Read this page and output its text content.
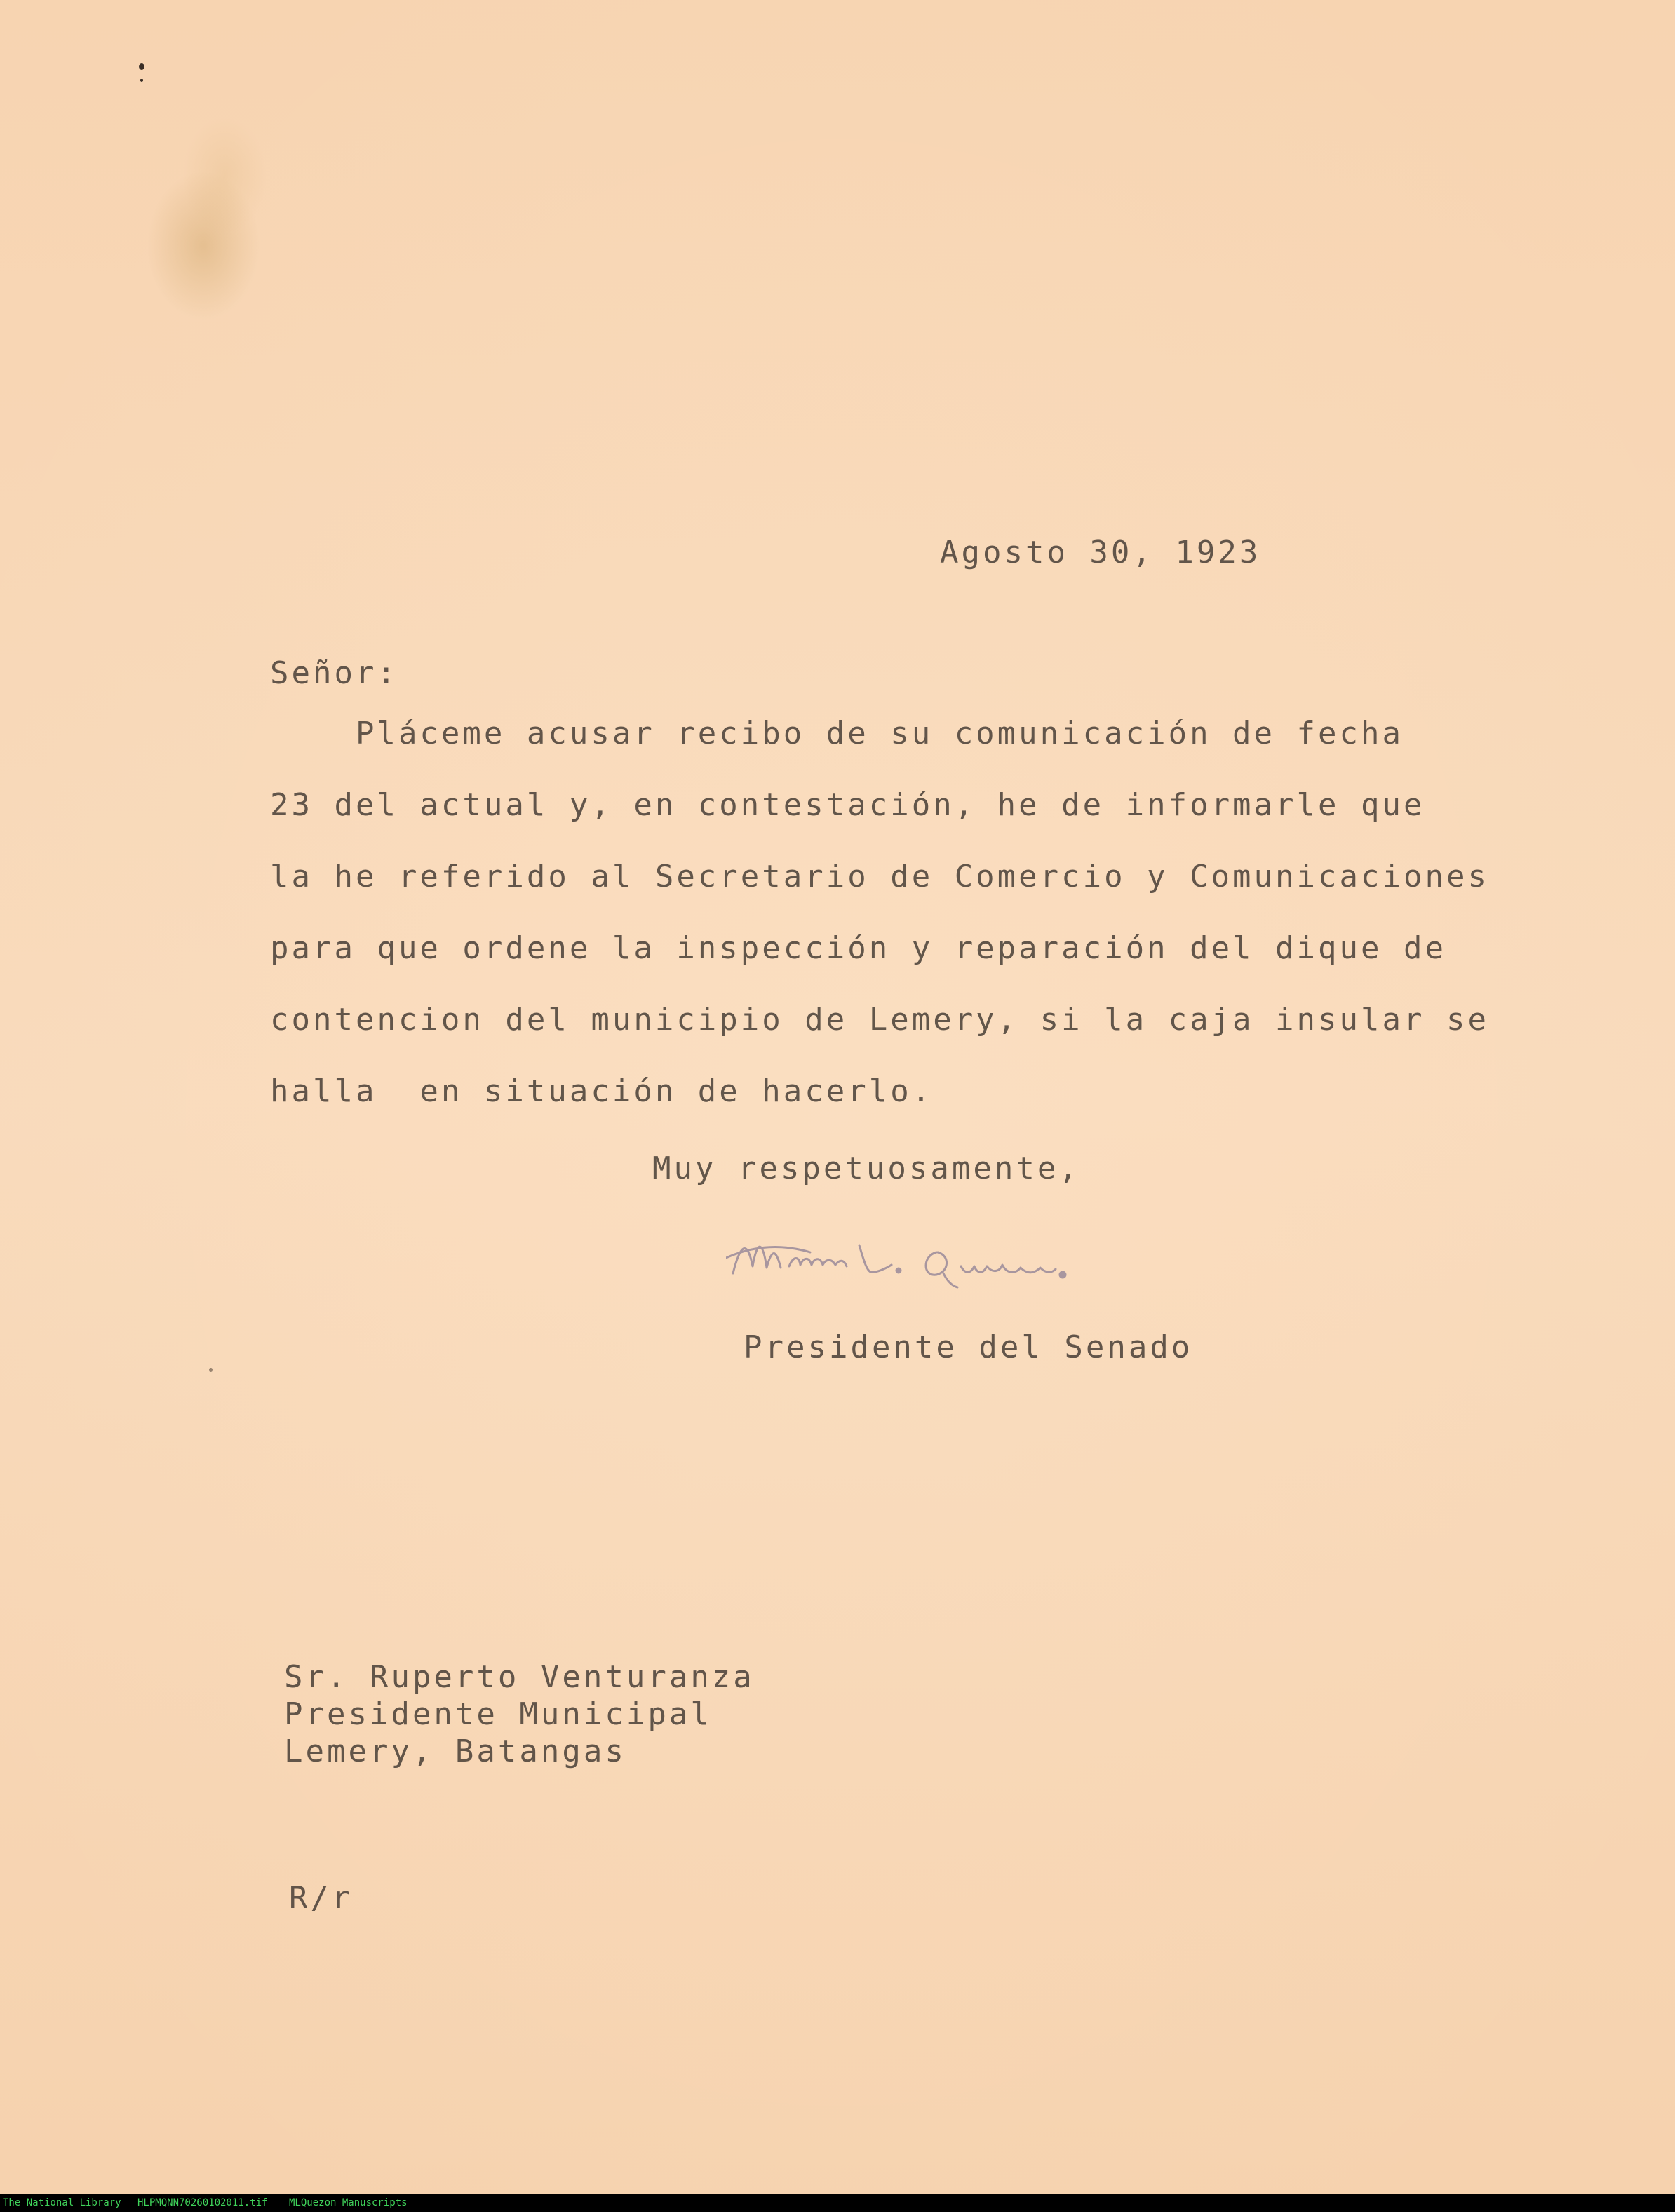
Agosto 30, 1923
Señor:
Pláceme acusar recibo de su comunicación de fecha
23 del actual y, en contestación, he de informarle que
la he referido al Secretario de Comercio y Comunicaciones
para que ordene la inspección y reparación del dique de
contencion del municipio de Lemery, si la caja insular se
halla  en situación de hacerlo.
Muy respetuosamente,
Presidente del Senado
Sr. Ruperto Venturanza
Presidente Municipal
Lemery, Batangas
R/r
The National Library HLPMQNN70260102011.tif MLQuezon Manuscripts
